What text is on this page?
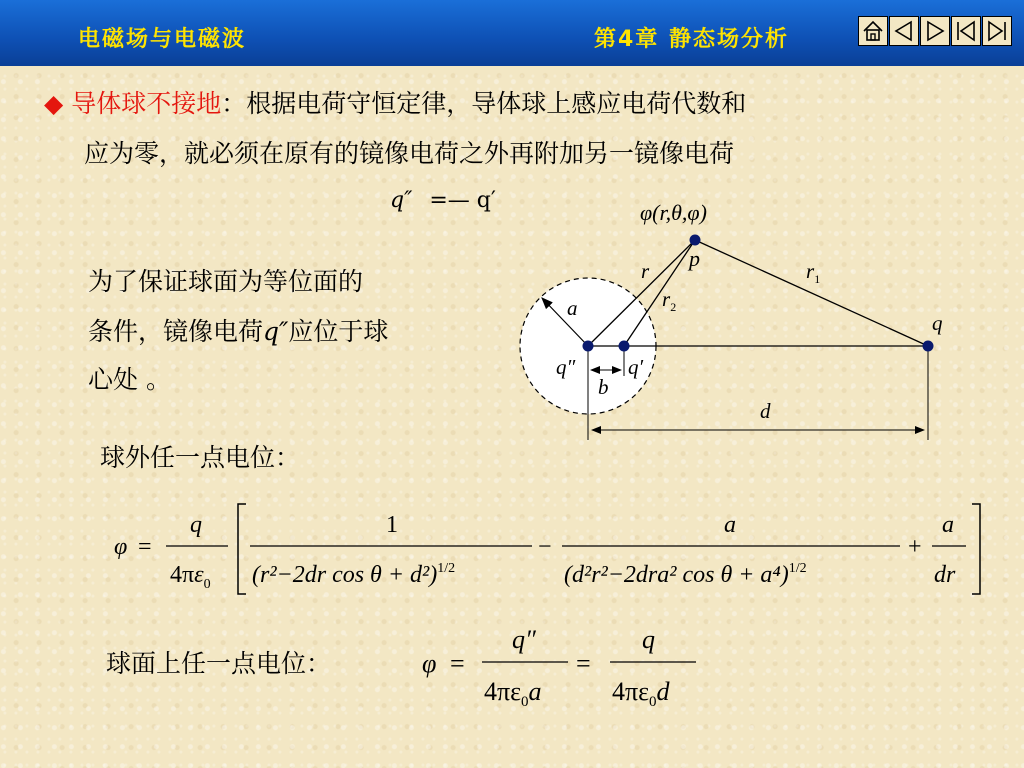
电磁场与电磁波	第4章 静态场分析
◆ 导体球不接地：根据电荷守恒定律，导体球上感应电荷代数和
应为零，就必须在原有的镜像电荷之外再附加另一镜像电荷
q″ =— q′
为了保证球面为等位面的
条件，镜像电荷q″应位于球
心处 。
φ(r,θ,φ)
p
r	$r_1$
$r_2$
a
q
q″	q′
b
d
球外任一点电位：
φ =
q
$4\pi\varepsilon_0$
1
(r²−2dr cos θ + d²)$^{1/2}$
−
a
(d²r²−2dra² cos θ + a⁴)$^{1/2}$
+
a
dr
球面上任一点电位：	φ =
q″
$4\pi\varepsilon_0a$
=
q
$4\pi\varepsilon_0d$
